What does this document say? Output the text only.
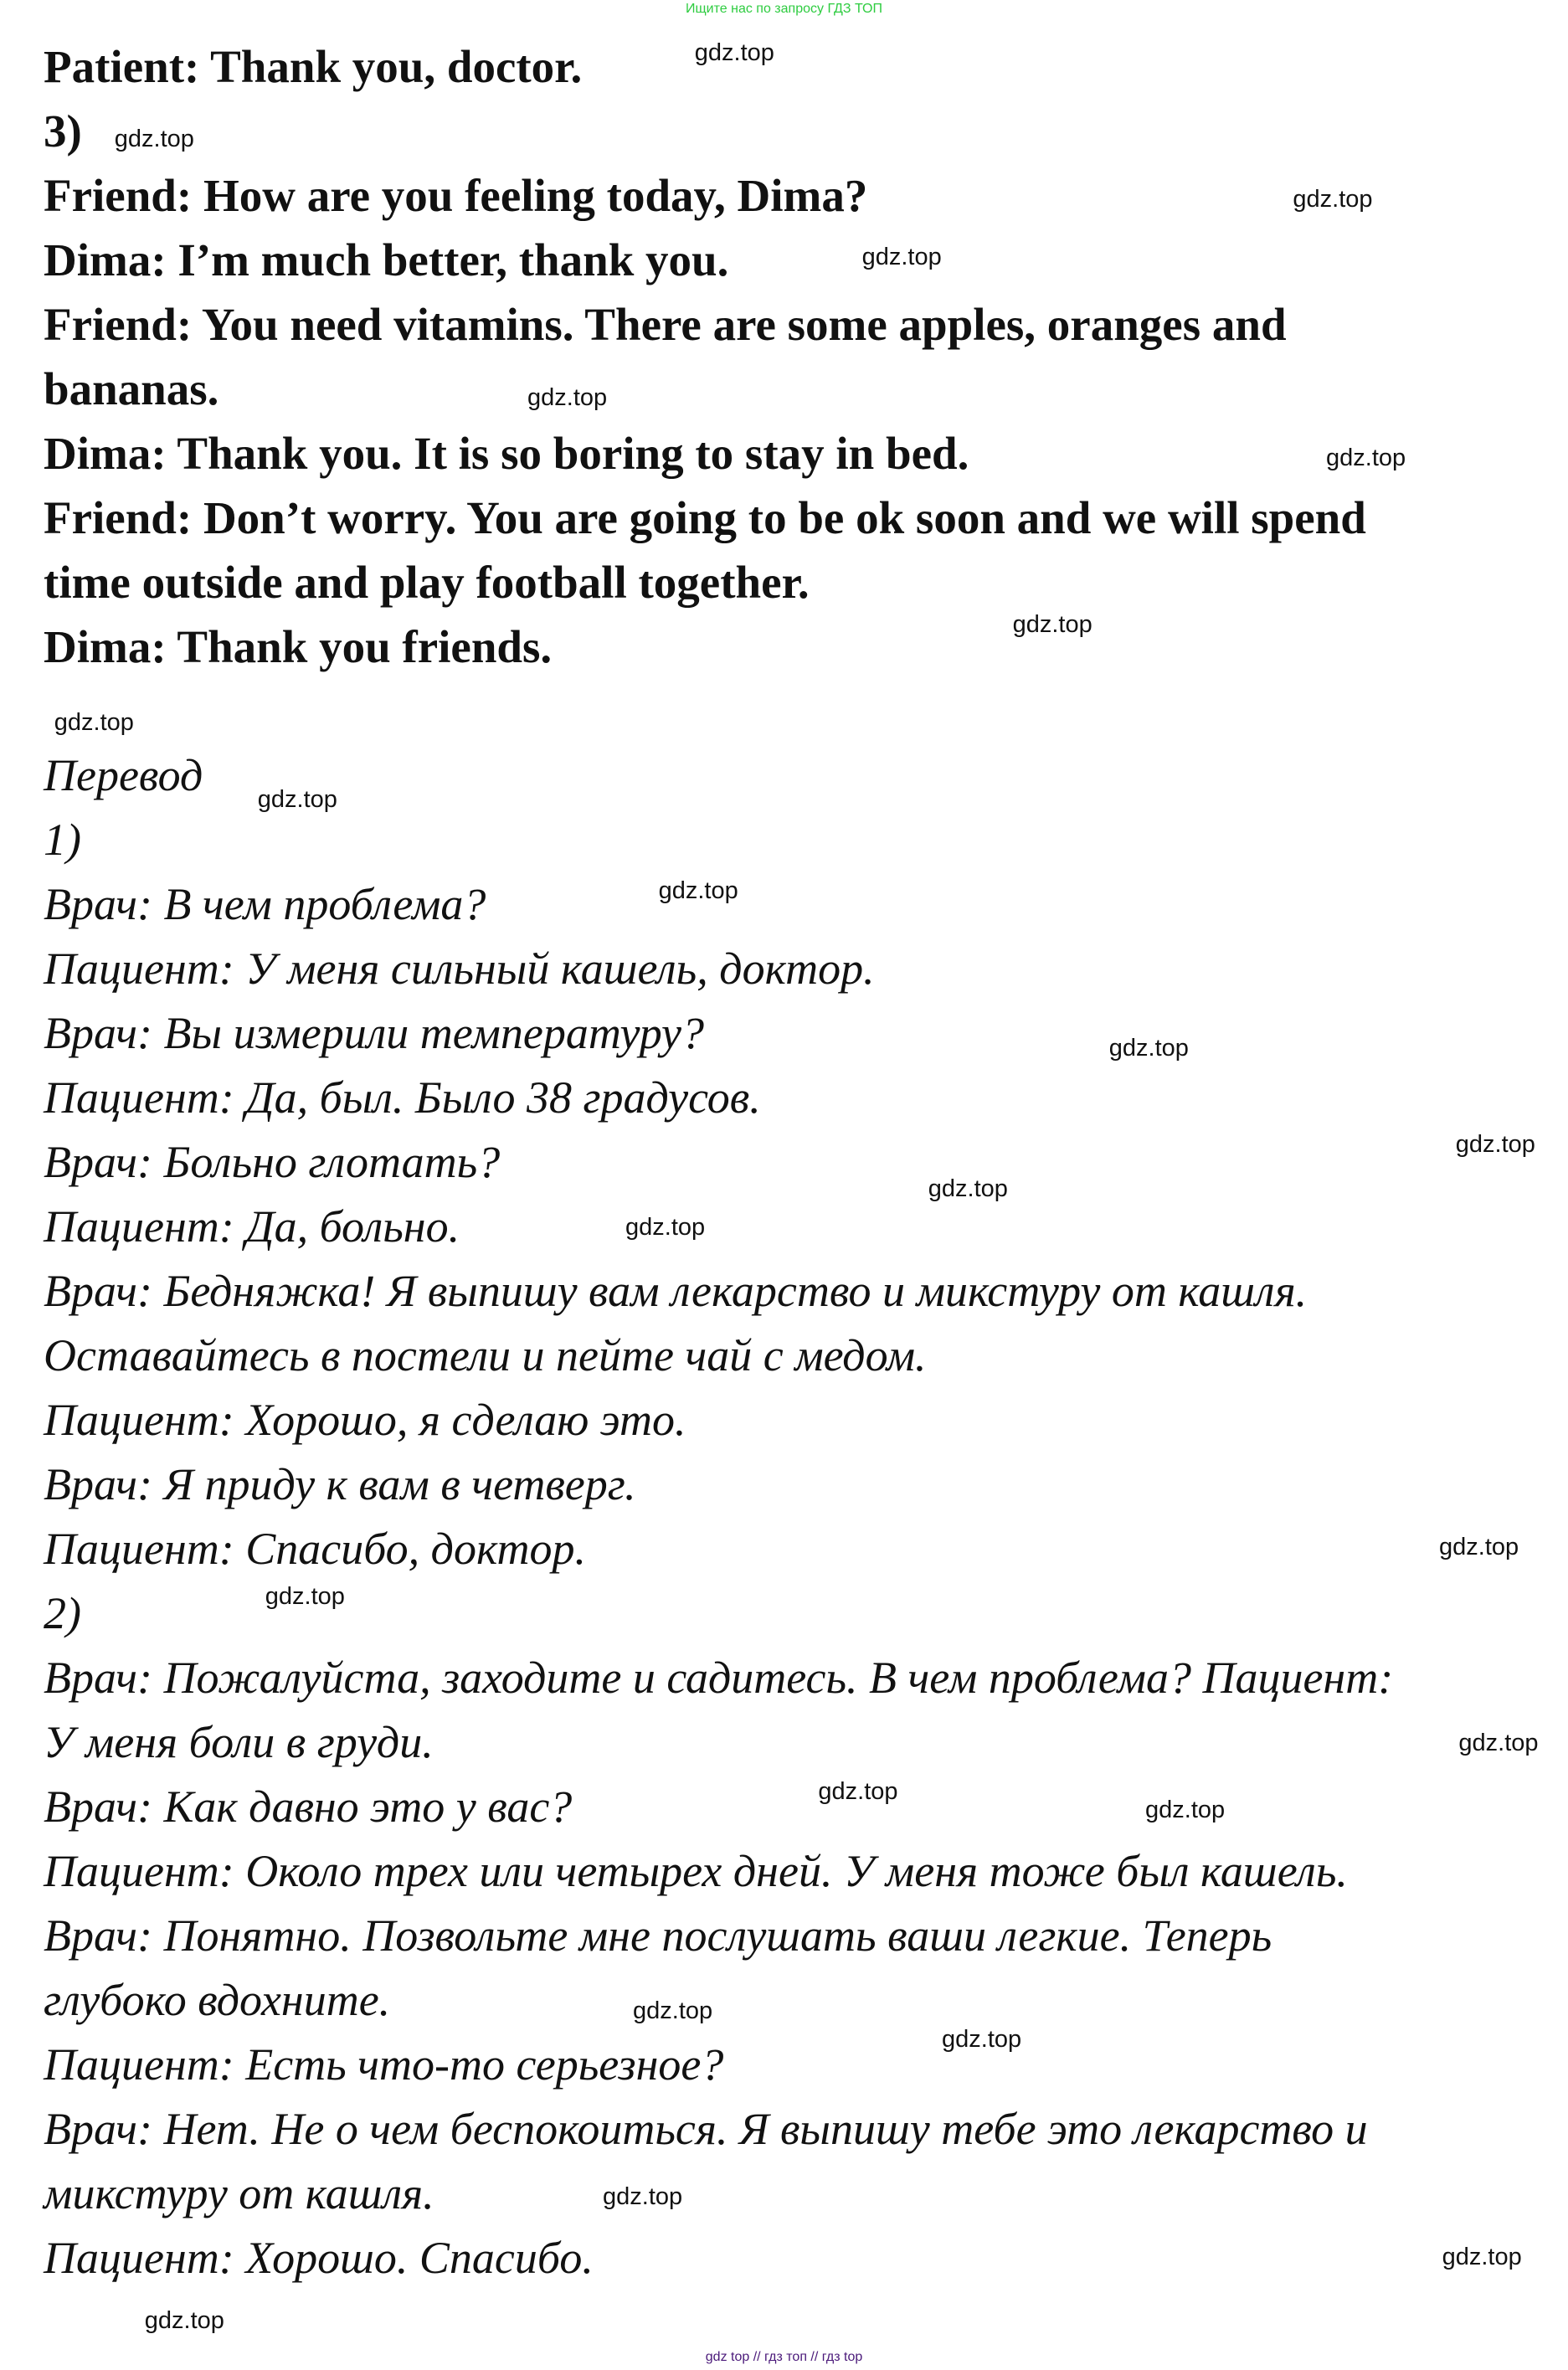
Ищите нас по запросу ГДЗ ТОП
Patient: Thank you, doctor.
3)
Friend: How are you feeling today, Dima?
Dima: I’m much better, thank you.
Friend: You need vitamins. There are some apples, oranges and
bananas.
Dima: Thank you. It is so boring to stay in bed.
Friend: Don’t worry. You are going to be ok soon and we will spend
time outside and play football together.
Dima: Thank you friends.
Перевод
1)
Врач: В чем проблема?
Пациент: У меня сильный кашель, доктор.
Врач: Вы измерили температуру?
Пациент: Да, был. Было 38 градусов.
Врач: Больно глотать?
Пациент: Да, больно.
Врач: Бедняжка! Я выпишу вам лекарство и микстуру от кашля.
Оставайтесь в постели и пейте чай с медом.
Пациент: Хорошо, я сделаю это.
Врач: Я приду к вам в четверг.
Пациент: Спасибо, доктор.
2)
Врач: Пожалуйста, заходите и садитесь. В чем проблема? Пациент:
У меня боли в груди.
Врач: Как давно это у вас?
Пациент: Около трех или четырех дней. У меня тоже был кашель.
Врач: Понятно. Позвольте мне послушать ваши легкие. Теперь
глубоко вдохните.
Пациент: Есть что-то серьезное?
Врач: Нет. Не о чем беспокоиться. Я выпишу тебе это лекарство и
микстуру от кашля.
Пациент: Хорошо. Спасибо.
gdz.top
gdz.top
gdz.top
gdz.top
gdz.top
gdz.top
gdz.top
gdz.top
gdz.top
gdz.top
gdz.top
gdz.top
gdz.top
gdz.top
gdz.top
gdz.top
gdz.top
gdz.top
gdz.top
gdz.top
gdz.top
gdz.top
gdz.top
gdz.top
gdz top // гдз топ // гдз top
